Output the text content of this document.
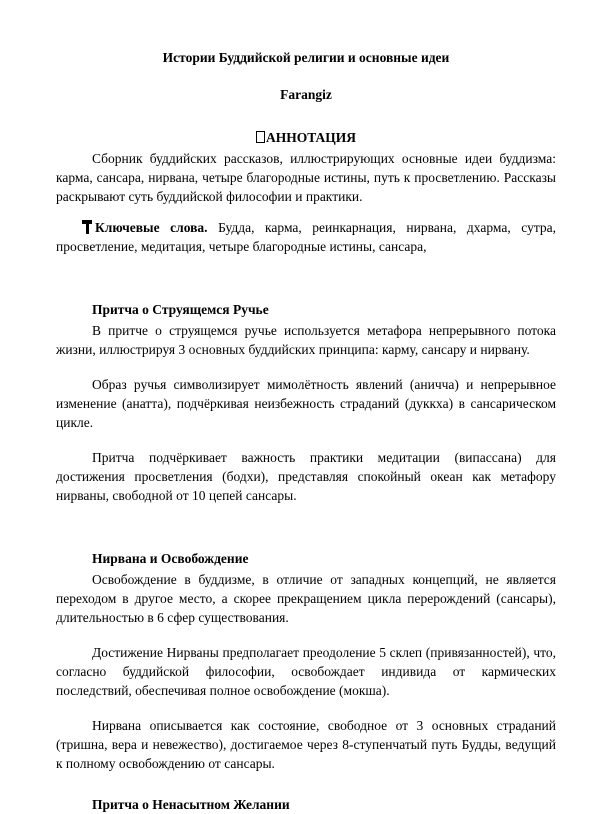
Истории Буддийской религии и основные идеи

Farangiz

АННОТАЦИЯ

Сборник буддийских рассказов, иллюстрирующих основные идеи буддизма: карма, сансара, нирвана, четыре благородные истины, путь к просветлению. Рассказы раскрывают суть буддийской философии и практики.

Ключевые слова. Будда, карма, реинкарнация, нирвана, дхарма, сутра, просветление, медитация, четыре благородные истины, сансара,

Притча о Струящемся Ручье

В притче о струящемся ручье используется метафора непрерывного потока жизни, иллюстрируя 3 основных буддийских принципа: карму, сансару и нирвану.

Образ ручья символизирует мимолётность явлений (аничча) и непрерывное изменение (анатта), подчёркивая неизбежность страданий (дуккха) в сансарическом цикле.

Притча подчёркивает важность практики медитации (випассана) для достижения просветления (бодхи), представляя спокойный океан как метафору нирваны, свободной от 10 цепей сансары.

Нирвана и Освобождение

Освобождение в буддизме, в отличие от западных концепций, не является переходом в другое место, а скорее прекращением цикла перерождений (сансары), длительностью в 6 сфер существования.

Достижение Нирваны предполагает преодоление 5 склеп (привязанностей), что, согласно буддийской философии, освобождает индивида от кармических последствий, обеспечивая полное освобождение (мокша).

Нирвана описывается как состояние, свободное от 3 основных страданий (тришна, вера и невежество), достигаемое через 8-ступенчатый путь Будды, ведущий к полному освобождению от сансары.

Притча о Ненасытном Желании
